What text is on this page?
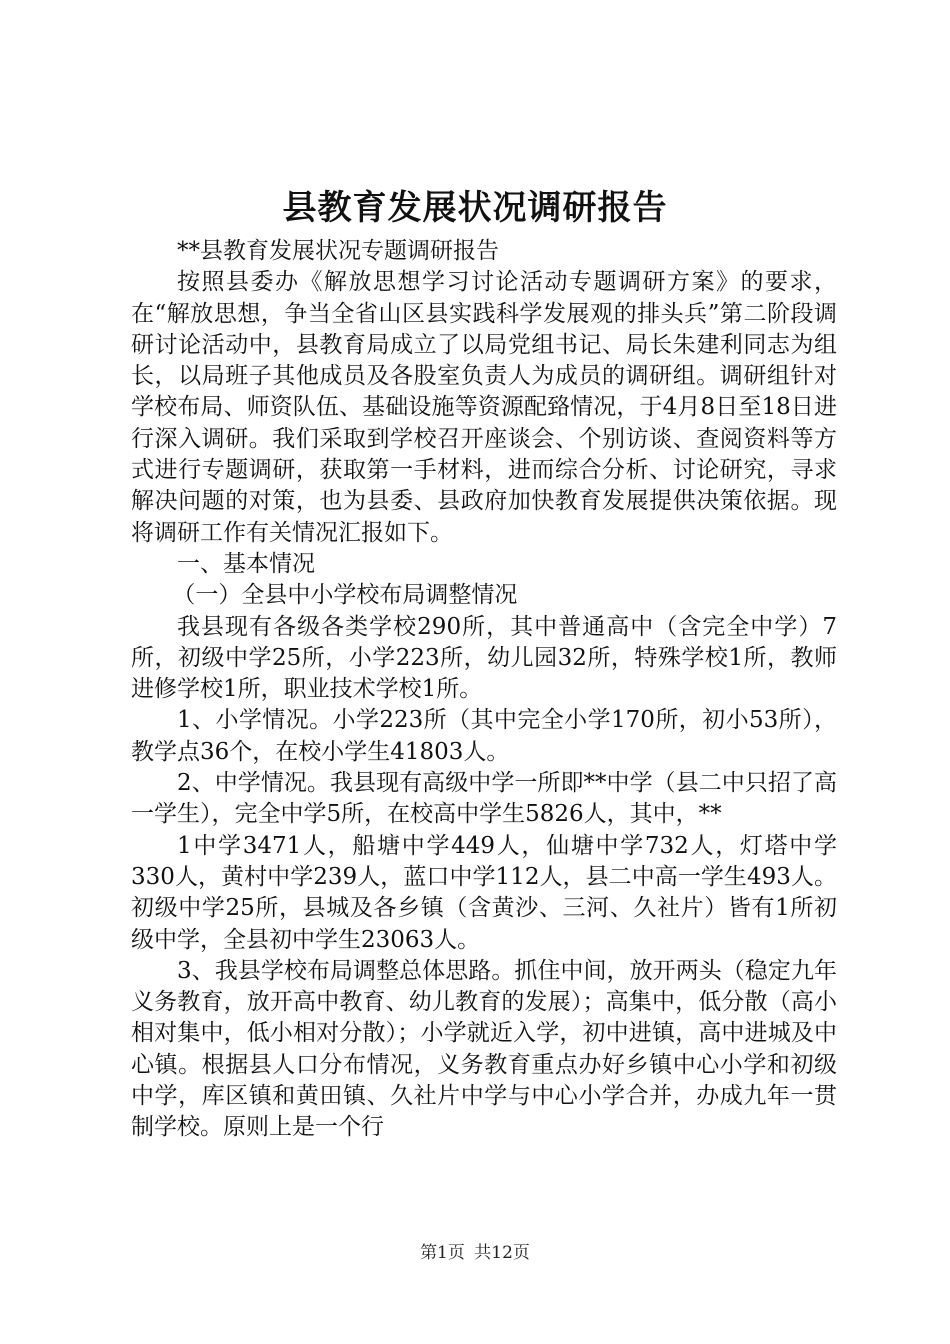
县教育发展状况调研报告

**县教育发展状况专题调研报告

按照县委办《解放思想学习讨论活动专题调研方案》的要求，在“解放思想，争当全省山区县实践科学发展观的排头兵”第二阶段调研讨论活动中，县教育局成立了以局党组书记、局长朱建利同志为组长，以局班子其他成员及各股室负责人为成员的调研组。调研组针对学校布局、师资队伍、基础设施等资源配臵情况，于4月8日至18日进行深入调研。我们采取到学校召开座谈会、个别访谈、查阅资料等方式进行专题调研，获取第一手材料，进而综合分析、讨论研究，寻求解决问题的对策，也为县委、县政府加快教育发展提供决策依据。现将调研工作有关情况汇报如下。

一、基本情况

（一）全县中小学校布局调整情况

我县现有各级各类学校290所，其中普通高中（含完全中学）7所，初级中学25所，小学223所，幼儿园32所，特殊学校1所，教师进修学校1所，职业技术学校1所。

1、小学情况。小学223所（其中完全小学170所，初小53所），教学点36个，在校小学生41803人。

2、中学情况。我县现有高级中学一所即**中学（县二中只招了高一学生），完全中学5所，在校高中学生5826人，其中，**

1中学3471人，船塘中学449人，仙塘中学732人，灯塔中学330人，黄村中学239人，蓝口中学112人，县二中高一学生493人。初级中学25所，县城及各乡镇（含黄沙、三河、久社片）皆有1所初级中学，全县初中学生23063人。

3、我县学校布局调整总体思路。抓住中间，放开两头（稳定九年义务教育，放开高中教育、幼儿教育的发展）；高集中，低分散（高小相对集中，低小相对分散）；小学就近入学，初中进镇，高中进城及中心镇。根据县人口分布情况，义务教育重点办好乡镇中心小学和初级中学，库区镇和黄田镇、久社片中学与中心小学合并，办成九年一贯制学校。原则上是一个行

第1页 共12页
